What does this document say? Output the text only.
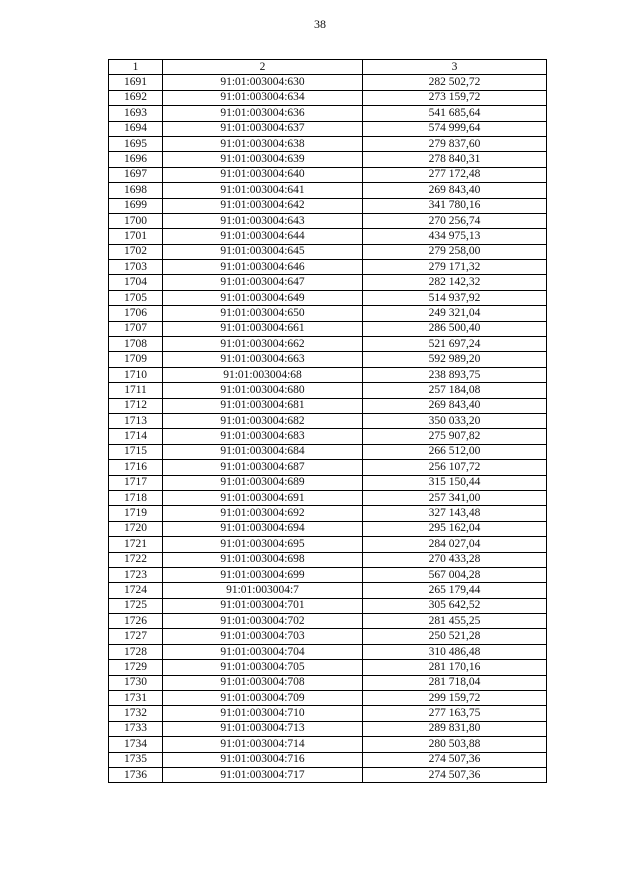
38
1	2	3
1691	91:01:003004:630	282 502,72
1692	91:01:003004:634	273 159,72
1693	91:01:003004:636	541 685,64
1694	91:01:003004:637	574 999,64
1695	91:01:003004:638	279 837,60
1696	91:01:003004:639	278 840,31
1697	91:01:003004:640	277 172,48
1698	91:01:003004:641	269 843,40
1699	91:01:003004:642	341 780,16
1700	91:01:003004:643	270 256,74
1701	91:01:003004:644	434 975,13
1702	91:01:003004:645	279 258,00
1703	91:01:003004:646	279 171,32
1704	91:01:003004:647	282 142,32
1705	91:01:003004:649	514 937,92
1706	91:01:003004:650	249 321,04
1707	91:01:003004:661	286 500,40
1708	91:01:003004:662	521 697,24
1709	91:01:003004:663	592 989,20
1710	91:01:003004:68	238 893,75
1711	91:01:003004:680	257 184,08
1712	91:01:003004:681	269 843,40
1713	91:01:003004:682	350 033,20
1714	91:01:003004:683	275 907,82
1715	91:01:003004:684	266 512,00
1716	91:01:003004:687	256 107,72
1717	91:01:003004:689	315 150,44
1718	91:01:003004:691	257 341,00
1719	91:01:003004:692	327 143,48
1720	91:01:003004:694	295 162,04
1721	91:01:003004:695	284 027,04
1722	91:01:003004:698	270 433,28
1723	91:01:003004:699	567 004,28
1724	91:01:003004:7	265 179,44
1725	91:01:003004:701	305 642,52
1726	91:01:003004:702	281 455,25
1727	91:01:003004:703	250 521,28
1728	91:01:003004:704	310 486,48
1729	91:01:003004:705	281 170,16
1730	91:01:003004:708	281 718,04
1731	91:01:003004:709	299 159,72
1732	91:01:003004:710	277 163,75
1733	91:01:003004:713	289 831,80
1734	91:01:003004:714	280 503,88
1735	91:01:003004:716	274 507,36
1736	91:01:003004:717	274 507,36
